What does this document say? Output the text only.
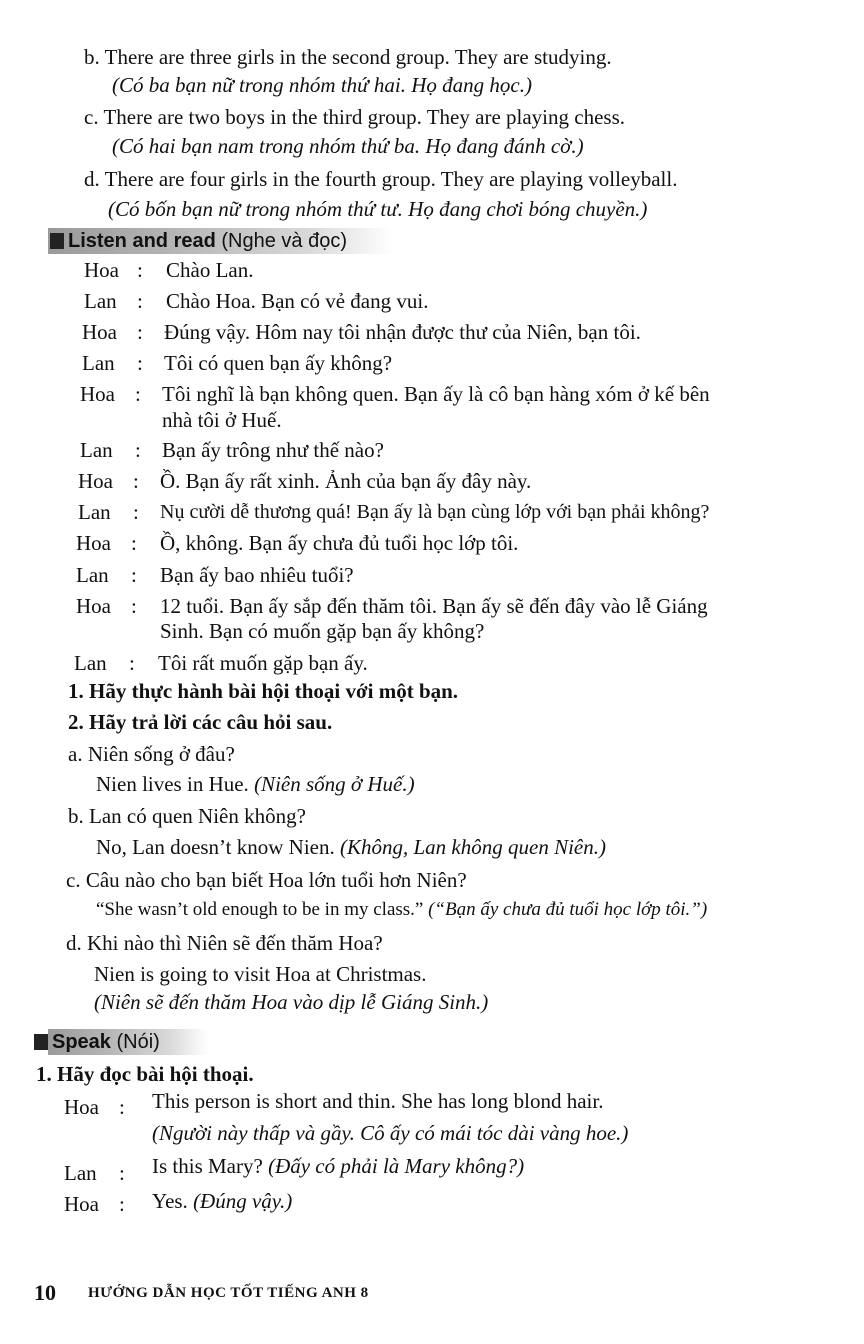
b. There are three girls in the second group. They are studying.
(Có ba bạn nữ trong nhóm thứ hai. Họ đang học.)
c. There are two boys in the third group. They are playing chess.
(Có hai bạn nam trong nhóm thứ ba. Họ đang đánh cờ.)
d. There are four girls in the fourth group. They are playing volleyball.
(Có bốn bạn nữ trong nhóm thứ tư. Họ đang chơi bóng chuyền.)
Listen and read (Nghe và đọc)
Hoa : Chào Lan.
Lan : Chào Hoa. Bạn có vẻ đang vui.
Hoa : Đúng vậy. Hôm nay tôi nhận được thư của Niên, bạn tôi.
Lan : Tôi có quen bạn ấy không?
Hoa : Tôi nghĩ là bạn không quen. Bạn ấy là cô bạn hàng xóm ở kế bên
nhà tôi ở Huế.
Lan : Bạn ấy trông như thế nào?
Hoa : Ồ. Bạn ấy rất xinh. Ảnh của bạn ấy đây này.
Lan : Nụ cười dễ thương quá! Bạn ấy là bạn cùng lớp với bạn phải không?
Hoa : Ồ, không. Bạn ấy chưa đủ tuổi học lớp tôi.
Lan : Bạn ấy bao nhiêu tuổi?
Hoa : 12 tuổi. Bạn ấy sắp đến thăm tôi. Bạn ấy sẽ đến đây vào lễ Giáng
Sinh. Bạn có muốn gặp bạn ấy không?
Lan : Tôi rất muốn gặp bạn ấy.
1. Hãy thực hành bài hội thoại với một bạn.
2. Hãy trả lời các câu hỏi sau.
a. Niên sống ở đâu?
Nien lives in Hue. (Niên sống ở Huế.)
b. Lan có quen Niên không?
No, Lan doesn’t know Nien. (Không, Lan không quen Niên.)
c. Câu nào cho bạn biết Hoa lớn tuổi hơn Niên?
“She wasn’t old enough to be in my class.” (“Bạn ấy chưa đủ tuổi học lớp tôi.”)
d. Khi nào thì Niên sẽ đến thăm Hoa?
Nien is going to visit Hoa at Christmas.
(Niên sẽ đến thăm Hoa vào dịp lễ Giáng Sinh.)
Speak (Nói)
1. Hãy đọc bài hội thoại.
Hoa : This person is short and thin. She has long blond hair.
(Người này thấp và gầy. Cô ấy có mái tóc dài vàng hoe.)
Lan : Is this Mary? (Đấy có phải là Mary không?)
Hoa : Yes. (Đúng vậy.)
10 HƯỚNG DẪN HỌC TỐT TIẾNG ANH 8
